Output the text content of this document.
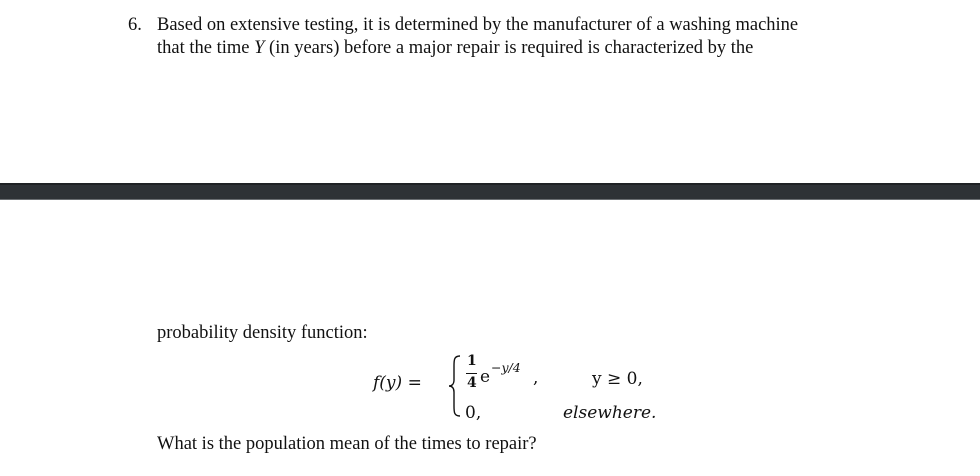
6. Based on extensive testing, it is determined by the manufacturer of a washing machine
that the time Y (in years) before a major repair is required is characterized by the
probability density function:
f(y) =
1
4 e −y/4
,	y ≥ 0,
0,	elsewhere.
What is the population mean of the times to repair?
